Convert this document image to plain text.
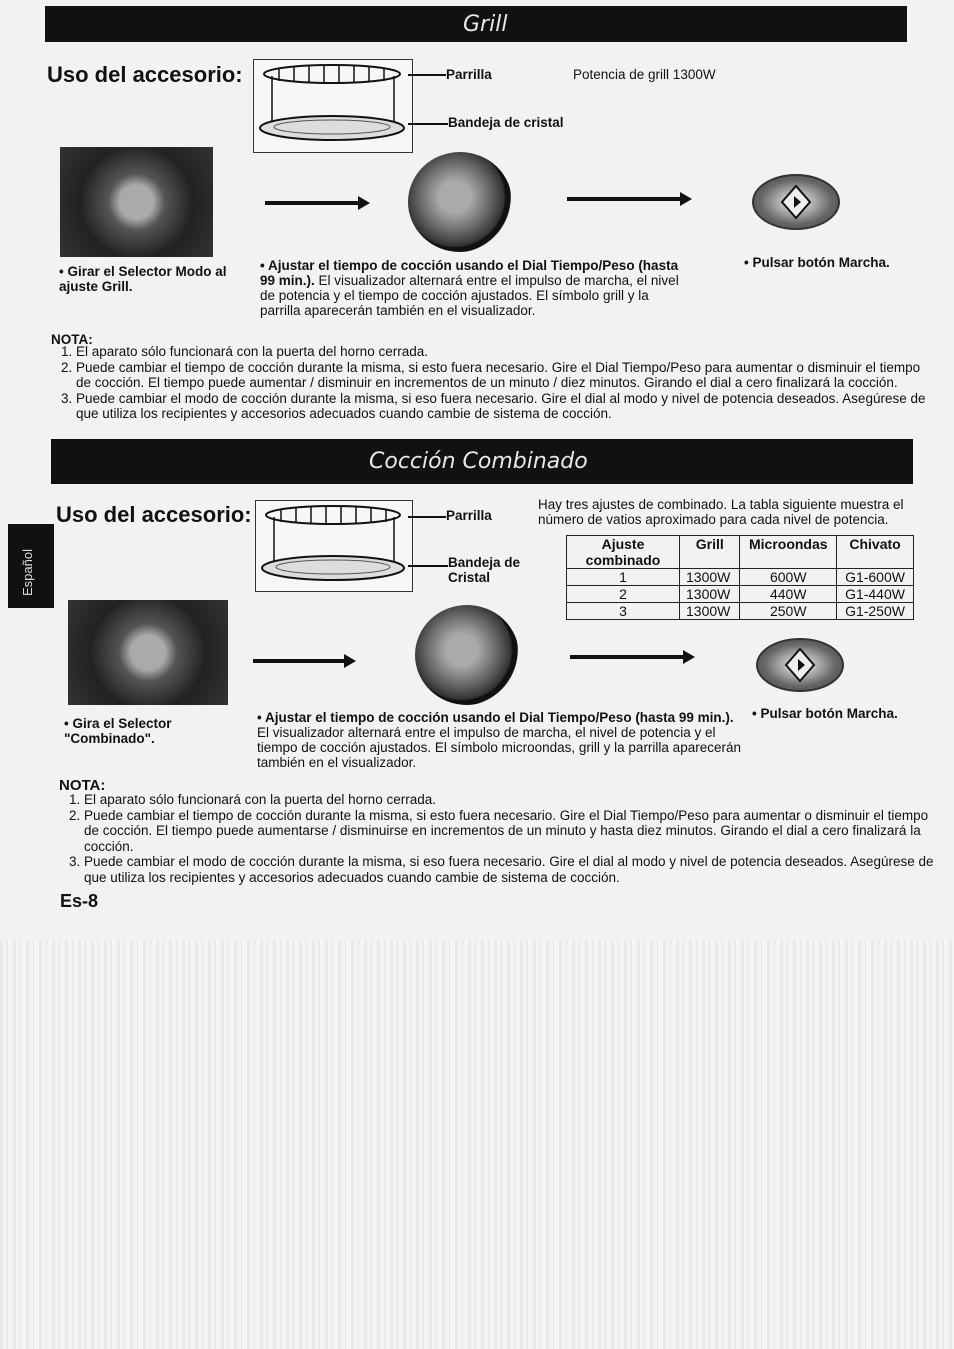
Grill
Uso del accesorio:	Parrilla
Bandeja de cristal
Potencia de grill 1300W
• Girar el Selector Modo al ajuste Grill.
• Ajustar el tiempo de cocción usando el Dial Tiempo/Peso (hasta 99 min.). El visualizador alternará entre el impulso de marcha, el nivel de potencia y el tiempo de cocción ajustados. El símbolo grill y la parrilla aparecerán también en el visualizador.
• Pulsar botón Marcha.
NOTA:
1. El aparato sólo funcionará con la puerta del horno cerrada.
2. Puede cambiar el tiempo de cocción durante la misma, si esto fuera necesario. Gire el Dial Tiempo/Peso para aumentar o disminuir el tiempo de cocción. El tiempo puede aumentar / disminuir en incrementos de un minuto / diez minutos. Girando el dial a cero finalizará la cocción.
3. Puede cambiar el modo de cocción durante la misma, si eso fuera necesario. Gire el dial al modo y nivel de potencia deseados. Asegúrese de que utiliza los recipientes y accesorios adecuados cuando cambie de sistema de cocción.
Cocción Combinado
Español
Uso del accesorio:	Parrilla
Bandeja de Cristal
Hay tres ajustes de combinado. La tabla siguiente muestra el número de vatios aproximado para cada nivel de potencia.
Ajuste combinado	Grill	Microondas	Chivato
1	1300W	600W	G1-600W
2	1300W	440W	G1-440W
3	1300W	250W	G1-250W
• Gira el Selector "Combinado".
• Ajustar el tiempo de cocción usando el Dial Tiempo/Peso (hasta 99 min.). El visualizador alternará entre el impulso de marcha, el nivel de potencia y el tiempo de cocción ajustados. El símbolo microondas, grill y la parrilla aparecerán también en el visualizador.
• Pulsar botón Marcha.
NOTA:
1. El aparato sólo funcionará con la puerta del horno cerrada.
2. Puede cambiar el tiempo de cocción durante la misma, si esto fuera necesario. Gire el Dial Tiempo/Peso para aumentar o disminuir el tiempo de cocción. El tiempo puede aumentarse / disminuirse en incrementos de un minuto y hasta diez minutos. Girando el dial a cero finalizará la cocción.
3. Puede cambiar el modo de cocción durante la misma, si eso fuera necesario. Gire el dial al modo y nivel de potencia deseados. Asegúrese de que utiliza los recipientes y accesorios adecuados cuando cambie de sistema de cocción.
Es-8
